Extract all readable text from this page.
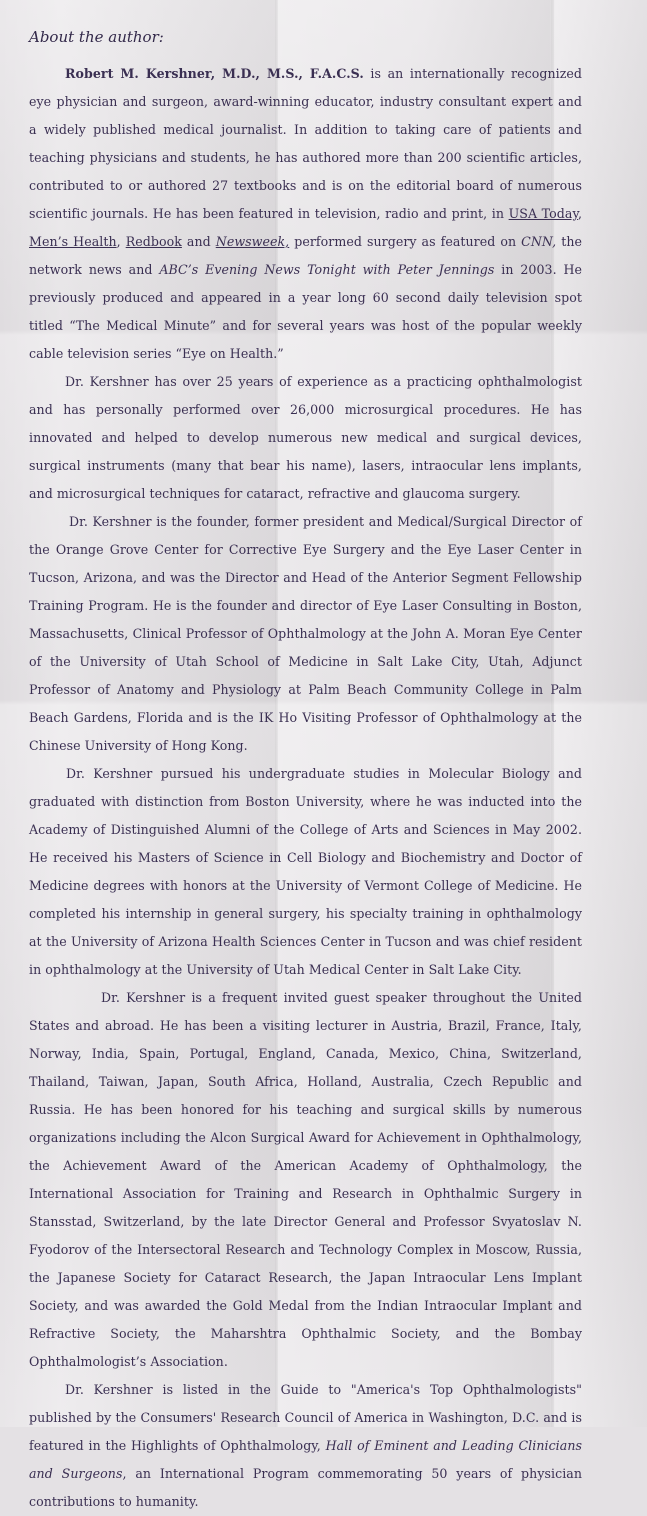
About the author:

Robert M. Kershner, M.D., M.S., F.A.C.S. is an internationally recognized eye physician and surgeon, award-winning educator, industry consultant expert and a widely published medical journalist. In addition to taking care of patients and teaching physicians and students, he has authored more than 200 scientific articles, contributed to or authored 27 textbooks and is on the editorial board of numerous scientific journals. He has been featured in television, radio and print, in USA Today, Men’s Health, Redbook and Newsweek, performed surgery as featured on CNN, the network news and ABC’s Evening News Tonight with Peter Jennings in 2003. He previously produced and appeared in a year long 60 second daily television spot titled “The Medical Minute” and for several years was host of the popular weekly cable television series “Eye on Health.”

Dr. Kershner has over 25 years of experience as a practicing ophthalmologist and has personally performed over 26,000 microsurgical procedures. He has innovated and helped to develop numerous new medical and surgical devices, surgical instruments (many that bear his name), lasers, intraocular lens implants, and microsurgical techniques for cataract, refractive and glaucoma surgery.

Dr. Kershner is the founder, former president and Medical/Surgical Director of the Orange Grove Center for Corrective Eye Surgery and the Eye Laser Center in Tucson, Arizona, and was the Director and Head of the Anterior Segment Fellowship Training Program. He is the founder and director of Eye Laser Consulting in Boston, Massachusetts, Clinical Professor of Ophthalmology at the John A. Moran Eye Center of the University of Utah School of Medicine in Salt Lake City, Utah, Adjunct Professor of Anatomy and Physiology at Palm Beach Community College in Palm Beach Gardens, Florida and is the IK Ho Visiting Professor of Ophthalmology at the Chinese University of Hong Kong.

Dr. Kershner pursued his undergraduate studies in Molecular Biology and graduated with distinction from Boston University, where he was inducted into the Academy of Distinguished Alumni of the College of Arts and Sciences in May 2002. He received his Masters of Science in Cell Biology and Biochemistry and Doctor of Medicine degrees with honors at the University of Vermont College of Medicine. He completed his internship in general surgery, his specialty training in ophthalmology at the University of Arizona Health Sciences Center in Tucson and was chief resident in ophthalmology at the University of Utah Medical Center in Salt Lake City.

Dr. Kershner is a frequent invited guest speaker throughout the United States and abroad. He has been a visiting lecturer in Austria, Brazil, France, Italy, Norway, India, Spain, Portugal, England, Canada, Mexico, China, Switzerland, Thailand, Taiwan, Japan, South Africa, Holland, Australia, Czech Republic and Russia. He has been honored for his teaching and surgical skills by numerous organizations including the Alcon Surgical Award for Achievement in Ophthalmology, the Achievement Award of the American Academy of Ophthalmology, the International Association for Training and Research in Ophthalmic Surgery in Stansstad, Switzerland, by the late Director General and Professor Svyatoslav N. Fyodorov of the Intersectoral Research and Technology Complex in Moscow, Russia, the Japanese Society for Cataract Research, the Japan Intraocular Lens Implant Society, and was awarded the Gold Medal from the Indian Intraocular Implant and Refractive Society, the Maharshtra Ophthalmic Society, and the Bombay Ophthalmologist’s Association.

Dr. Kershner is listed in the Guide to "America's Top Ophthalmologists" published by the Consumers' Research Council of America in Washington, D.C. and is featured in the Highlights of Ophthalmology, Hall of Eminent and Leading Clinicians and Surgeons, an International Program commemorating 50 years of physician contributions to humanity.
